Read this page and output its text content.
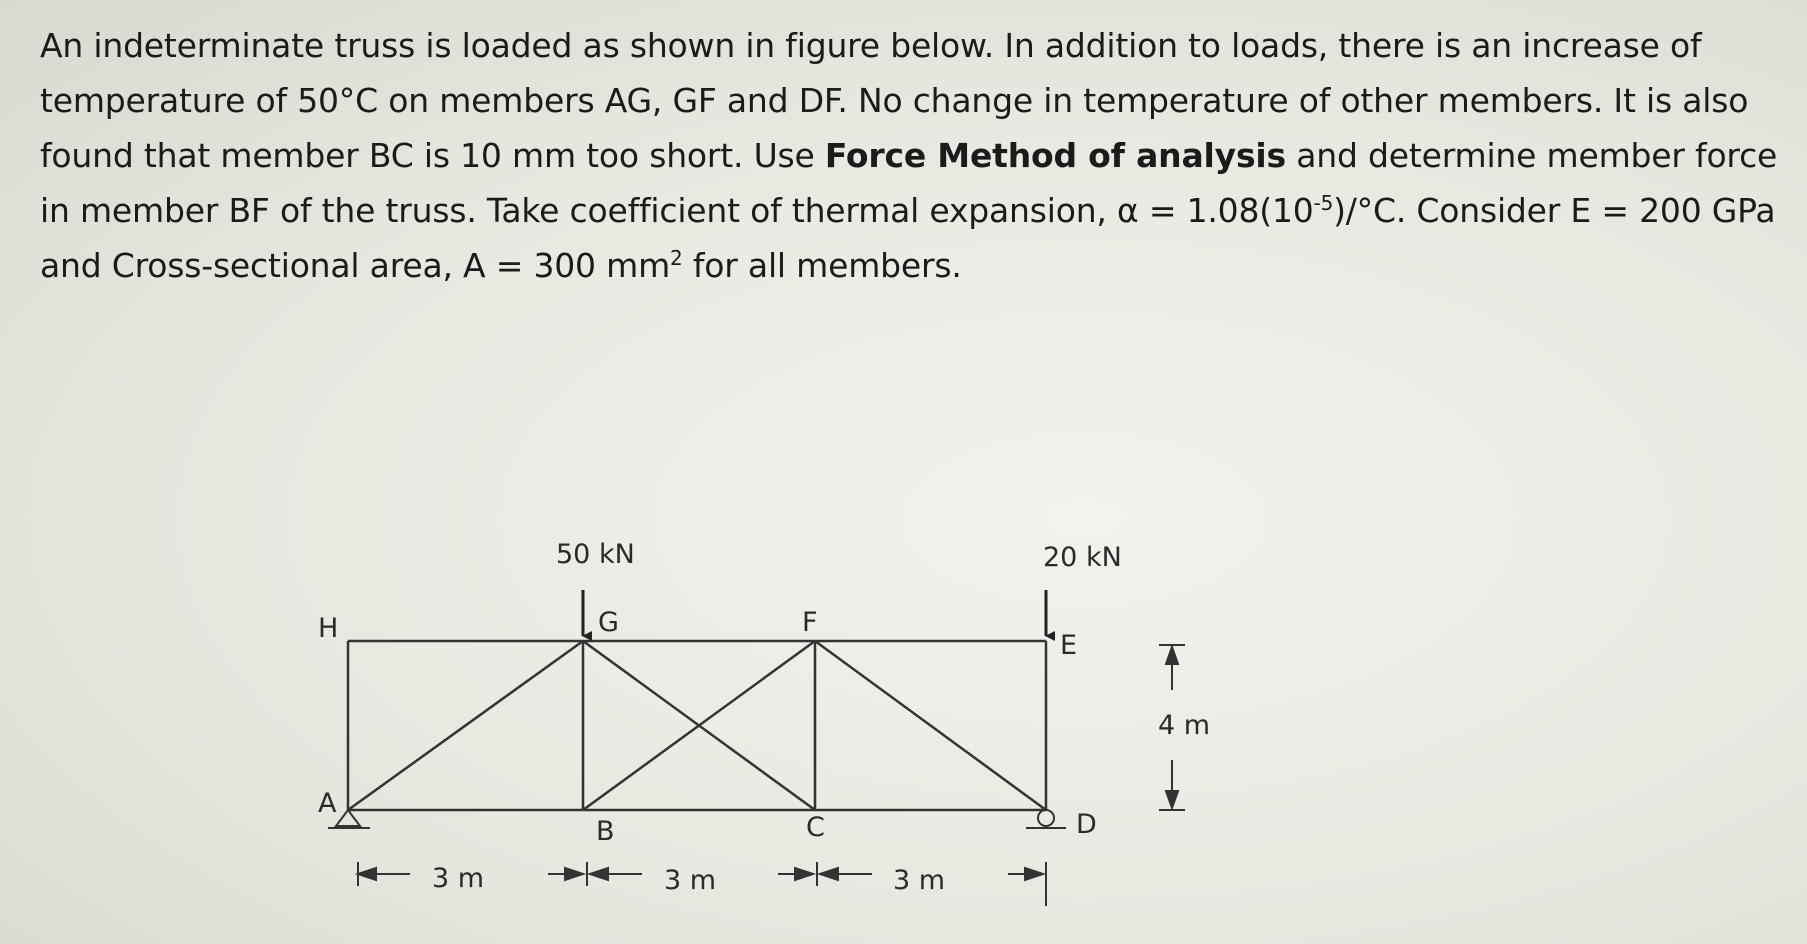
An indeterminate truss is loaded as shown in figure below. In addition to loads, there is an increase of temperature of 50°C on members AG, GF and DF. No change in temperature of other members. It is also found that member BC is 10 mm too short. Use Force Method of analysis and determine member force in member BF of the truss. Take coefficient of thermal expansion, $\alpha = 1.08(10^{-5})/^\circ C$. Consider E = 200 GPa and Cross-sectional area, A = 300 $mm^2$ for all members.

50 kN	20 kN
H	G	F
E
A
B	C	D
3 m	3 m	3 m
4 m
